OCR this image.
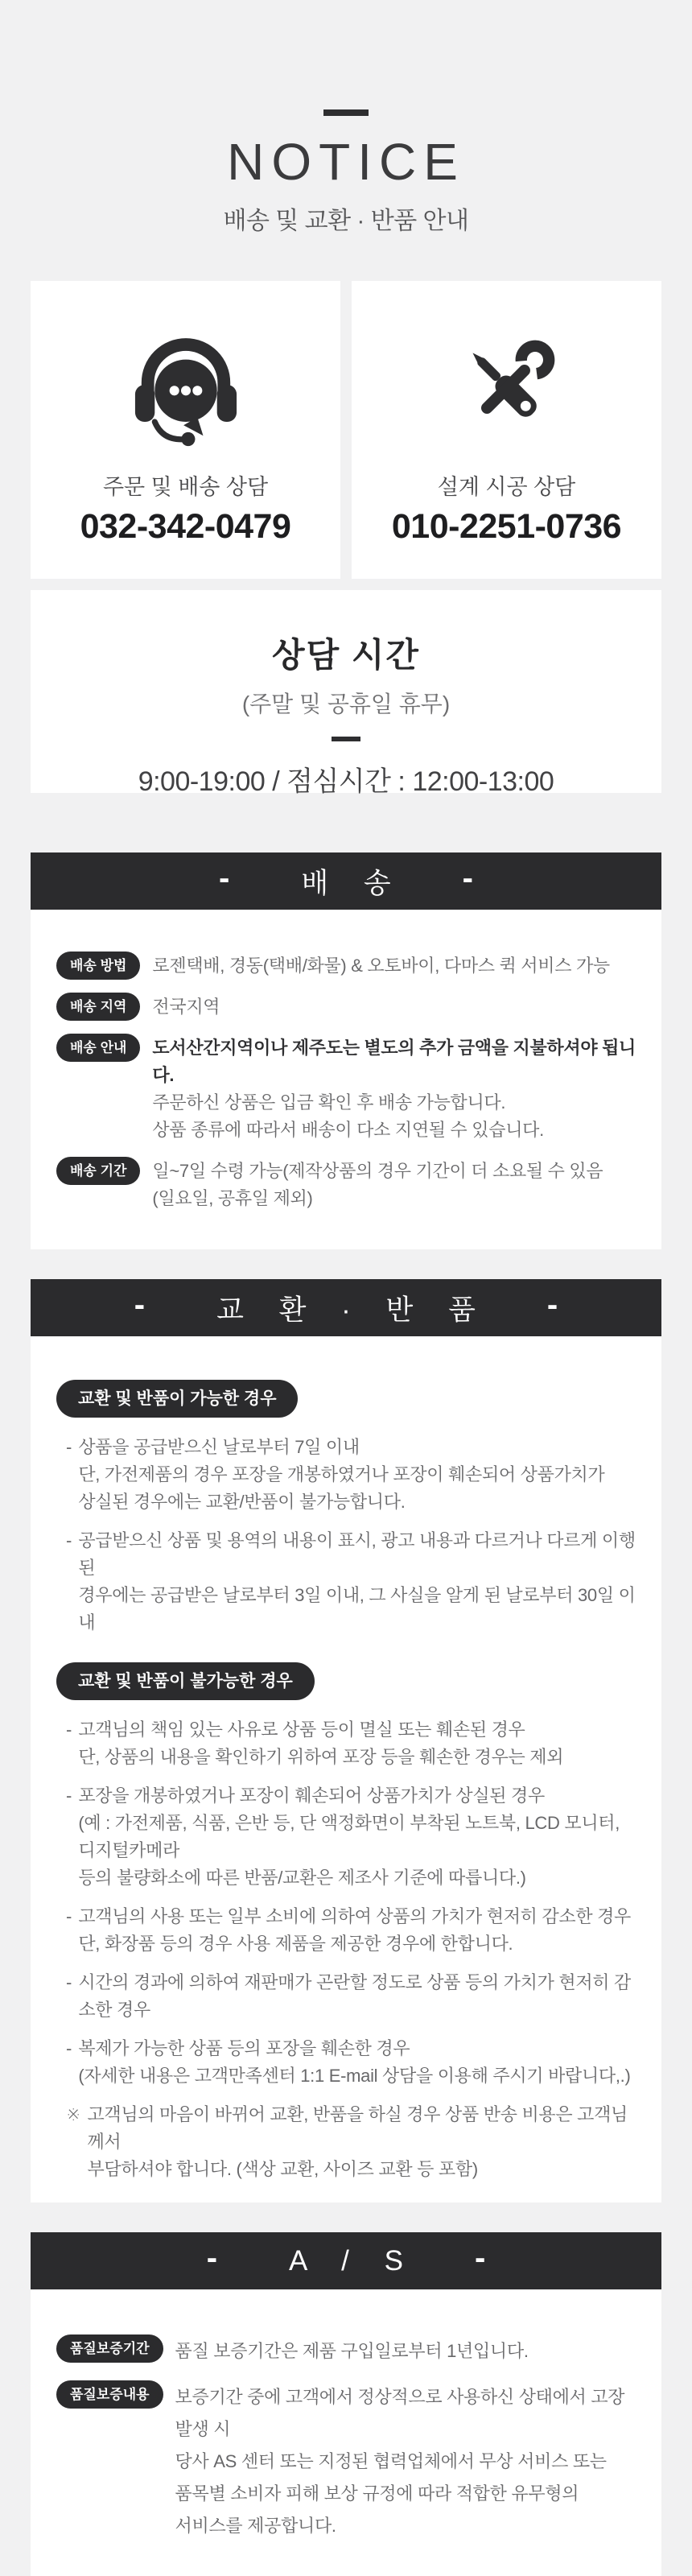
NOTICE
배송 및 교환 · 반품 안내
주문 및 배송 상담
032-342-0479
설계 시공 상담
010-2251-0736
상담 시간
(주말 및 공휴일 휴무)
9:00-19:00 / 점심시간 : 12:00-13:00
-	배 송 -
배송 방법	로젠택배, 경동(택배/화물) & 오토바이, 다마스 퀵 서비스 가능
배송 지역	전국지역
배송 안내	도서산간지역이나 제주도는 별도의 추가 금액을 지불하셔야 됩니다.
주문하신 상품은 입금 확인 후 배송 가능합니다.
상품 종류에 따라서 배송이 다소 지연될 수 있습니다.
배송 기간	일~7일 수령 가능(제작상품의 경우 기간이 더 소요될 수 있음
(일요일, 공휴일 제외)
-	교 환 · 반 품 -
교환 및 반품이 가능한 경우
- 상품을 공급받으신 날로부터 7일 이내
단, 가전제품의 경우 포장을 개봉하였거나 포장이 훼손되어 상품가치가
상실된 경우에는 교환/반품이 불가능합니다.
- 공급받으신 상품 및 용역의 내용이 표시, 광고 내용과 다르거나 다르게 이행된
경우에는 공급받은 날로부터 3일 이내, 그 사실을 알게 된 날로부터 30일 이내
교환 및 반품이 불가능한 경우
- 고객님의 책임 있는 사유로 상품 등이 멸실 또는 훼손된 경우
단, 상품의 내용을 확인하기 위하여 포장 등을 훼손한 경우는 제외
- 포장을 개봉하였거나 포장이 훼손되어 상품가치가 상실된 경우
(예 : 가전제품, 식품, 은반 등, 단 액정화면이 부착된 노트북, LCD 모니터, 디지털카메라
등의 불량화소에 따른 반품/교환은 제조사 기준에 따릅니다.)
- 고객님의 사용 또는 일부 소비에 의하여 상품의 가치가 현저히 감소한 경우
단, 화장품 등의 경우 사용 제품을 제공한 경우에 한합니다.
- 시간의 경과에 의하여 재판매가 곤란할 정도로 상품 등의 가치가 현저히 감소한 경우
- 복제가 가능한 상품 등의 포장을 훼손한 경우
(자세한 내용은 고객만족센터 1:1 E-mail 상담을 이용해 주시기 바랍니다,.)
※ 고객님의 마음이 바뀌어 교환, 반품을 하실 경우 상품 반송 비용은 고객님께서
부담하셔야 합니다. (색상 교환, 사이즈 교환 등 포함)
-	A / S -
품질보증기간	품질 보증기간은 제품 구입일로부터 1년입니다.
품질보증내용	보증기간 중에 고객에서 정상적으로 사용하신 상태에서 고장 발생 시
당사 AS 센터 또는 지정된 협력업체에서 무상 서비스 또는
품목별 소비자 피해 보상 규정에 따라 적합한 유무형의
서비스를 제공합니다.
